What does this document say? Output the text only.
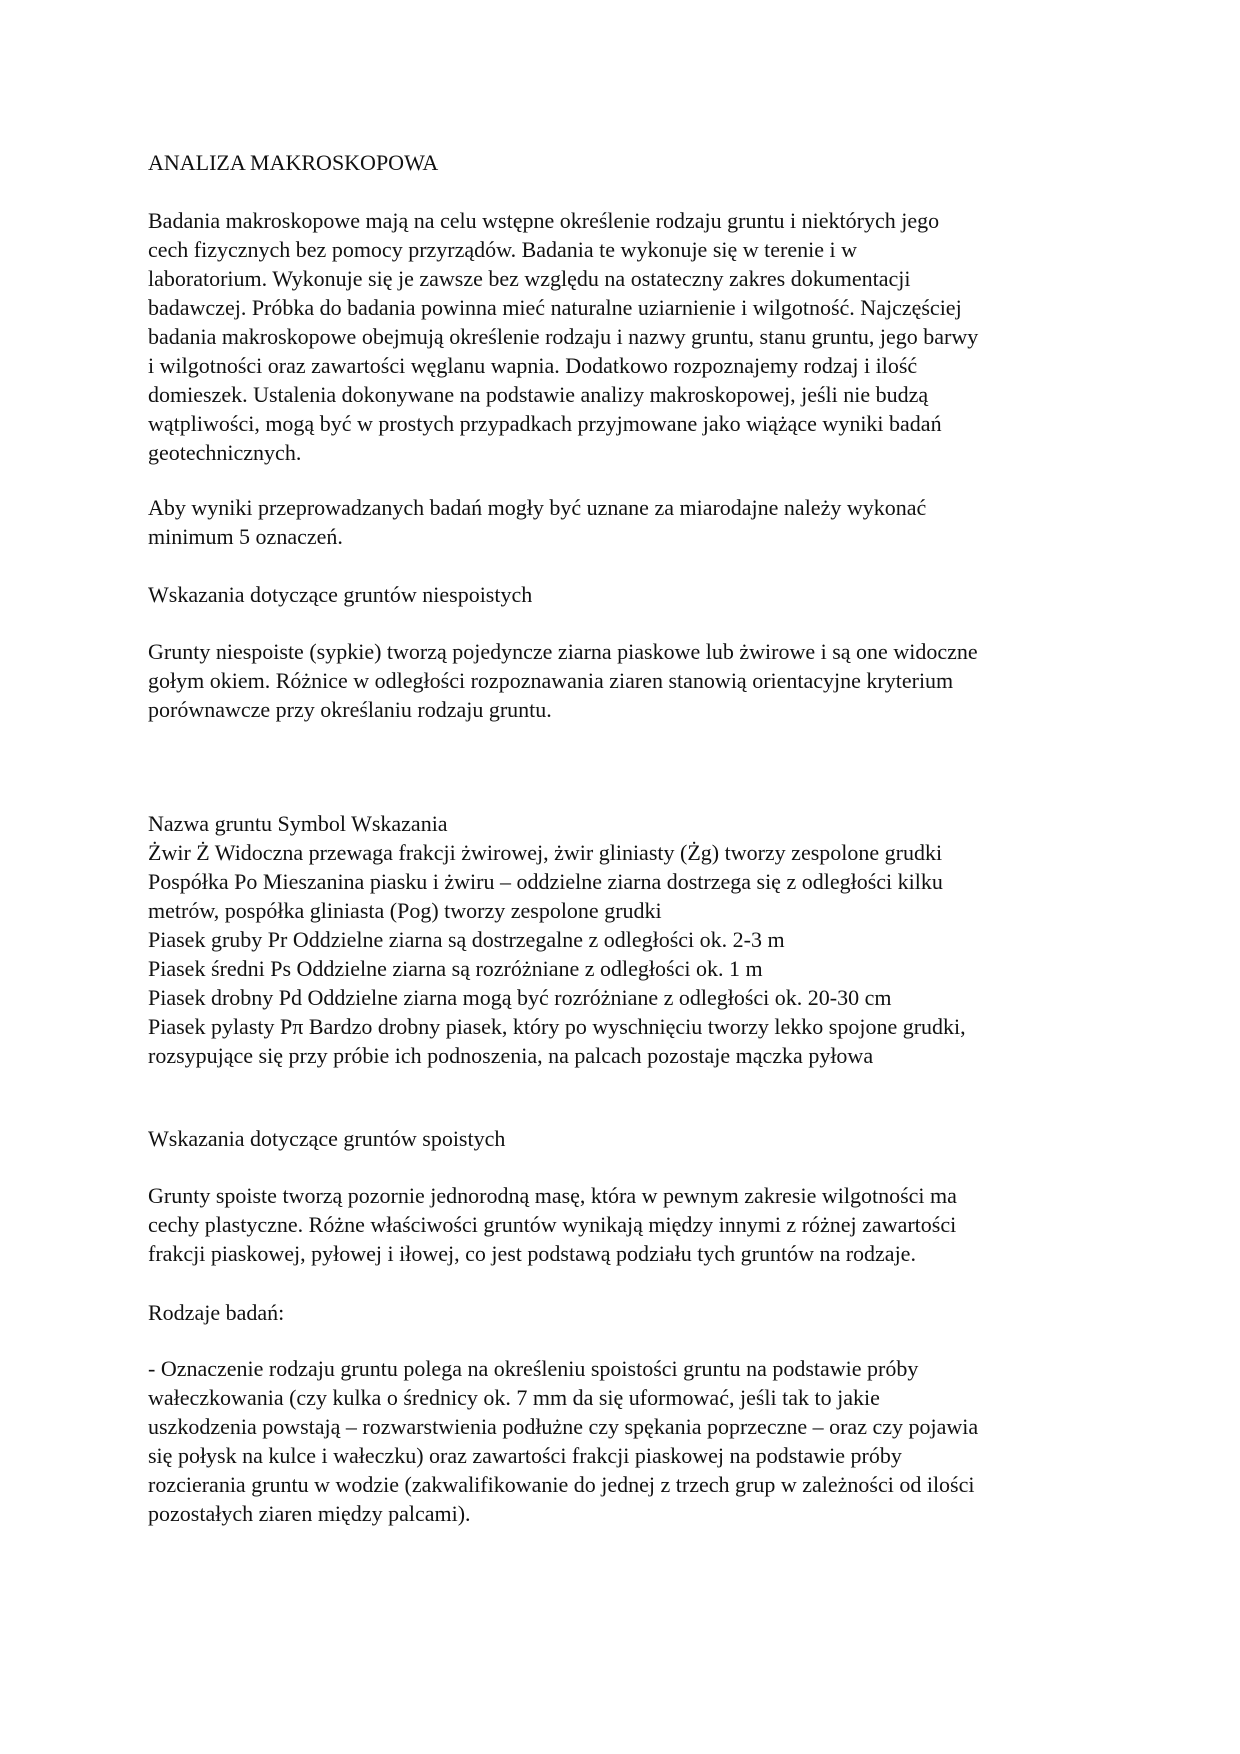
ANALIZA MAKROSKOPOWA
Badania makroskopowe mają na celu wstępne określenie rodzaju gruntu i niektórych jego
cech fizycznych bez pomocy przyrządów. Badania te wykonuje się w terenie i w
laboratorium. Wykonuje się je zawsze bez względu na ostateczny zakres dokumentacji
badawczej. Próbka do badania powinna mieć naturalne uziarnienie i wilgotność. Najczęściej
badania makroskopowe obejmują określenie rodzaju i nazwy gruntu, stanu gruntu, jego barwy
i wilgotności oraz zawartości węglanu wapnia. Dodatkowo rozpoznajemy rodzaj i ilość
domieszek. Ustalenia dokonywane na podstawie analizy makroskopowej, jeśli nie budzą
wątpliwości, mogą być w prostych przypadkach przyjmowane jako wiążące wyniki badań
geotechnicznych.
Aby wyniki przeprowadzanych badań mogły być uznane za miarodajne należy wykonać
minimum 5 oznaczeń.
Wskazania dotyczące gruntów niespoistych
Grunty niespoiste (sypkie) tworzą pojedyncze ziarna piaskowe lub żwirowe i są one widoczne
gołym okiem. Różnice w odległości rozpoznawania ziaren stanowią orientacyjne kryterium
porównawcze przy określaniu rodzaju gruntu.
Nazwa gruntu Symbol Wskazania
Żwir Ż Widoczna przewaga frakcji żwirowej, żwir gliniasty (Żg) tworzy zespolone grudki
Pospółka Po Mieszanina piasku i żwiru – oddzielne ziarna dostrzega się z odległości kilku
metrów, pospółka gliniasta (Pog) tworzy zespolone grudki
Piasek gruby Pr Oddzielne ziarna są dostrzegalne z odległości ok. 2-3 m
Piasek średni Ps Oddzielne ziarna są rozróżniane z odległości ok. 1 m
Piasek drobny Pd Oddzielne ziarna mogą być rozróżniane z odległości ok. 20-30 cm
Piasek pylasty Pπ Bardzo drobny piasek, który po wyschnięciu tworzy lekko spojone grudki,
rozsypujące się przy próbie ich podnoszenia, na palcach pozostaje mączka pyłowa
Wskazania dotyczące gruntów spoistych
Grunty spoiste tworzą pozornie jednorodną masę, która w pewnym zakresie wilgotności ma
cechy plastyczne. Różne właściwości gruntów wynikają między innymi z różnej zawartości
frakcji piaskowej, pyłowej i iłowej, co jest podstawą podziału tych gruntów na rodzaje.
Rodzaje badań:
- Oznaczenie rodzaju gruntu polega na określeniu spoistości gruntu na podstawie próby
wałeczkowania (czy kulka o średnicy ok. 7 mm da się uformować, jeśli tak to jakie
uszkodzenia powstają – rozwarstwienia podłużne czy spękania poprzeczne – oraz czy pojawia
się połysk na kulce i wałeczku) oraz zawartości frakcji piaskowej na podstawie próby
rozcierania gruntu w wodzie (zakwalifikowanie do jednej z trzech grup w zależności od ilości
pozostałych ziaren między palcami).
